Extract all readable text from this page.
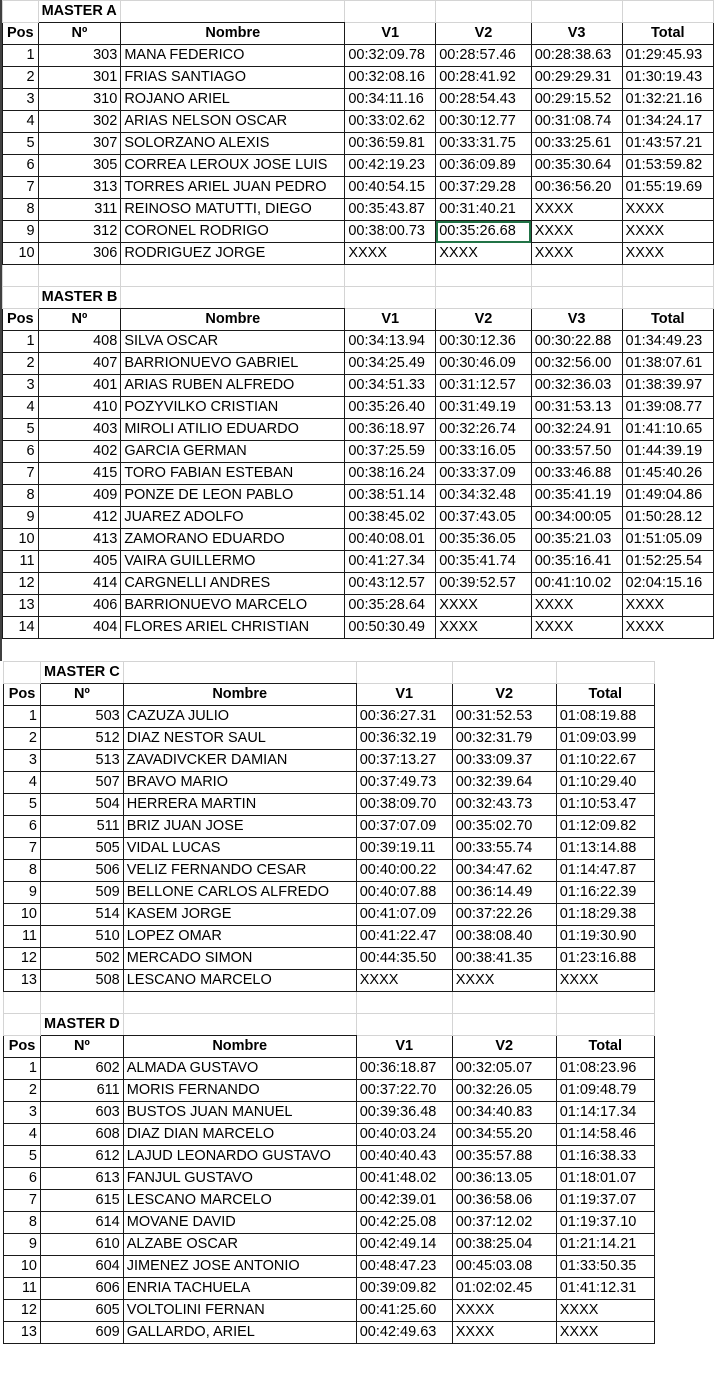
	MASTER A					
Pos	Nº	Nombre	V1	V2	V3	Total
1	303	MANA FEDERICO	00:32:09.78	00:28:57.46	00:28:38.63	01:29:45.93
2	301	FRIAS SANTIAGO	00:32:08.16	00:28:41.92	00:29:29.31	01:30:19.43
3	310	ROJANO ARIEL	00:34:11.16	00:28:54.43	00:29:15.52	01:32:21.16
4	302	ARIAS NELSON OSCAR	00:33:02.62	00:30:12.77	00:31:08.74	01:34:24.17
5	307	SOLORZANO ALEXIS	00:36:59.81	00:33:31.75	00:33:25.61	01:43:57.21
6	305	CORREA LEROUX JOSE LUIS	00:42:19.23	00:36:09.89	00:35:30.64	01:53:59.82
7	313	TORRES ARIEL JUAN PEDRO	00:40:54.15	00:37:29.28	00:36:56.20	01:55:19.69
8	311	REINOSO MATUTTI, DIEGO	00:35:43.87	00:31:40.21	XXXX	XXXX
9	312	CORONEL RODRIGO	00:38:00.73	00:35:26.68	XXXX	XXXX
10	306	RODRIGUEZ JORGE	XXXX	XXXX	XXXX	XXXX

	MASTER B					
Pos	Nº	Nombre	V1	V2	V3	Total
1	408	SILVA OSCAR	00:34:13.94	00:30:12.36	00:30:22.88	01:34:49.23
2	407	BARRIONUEVO GABRIEL	00:34:25.49	00:30:46.09	00:32:56.00	01:38:07.61
3	401	ARIAS RUBEN ALFREDO	00:34:51.33	00:31:12.57	00:32:36.03	01:38:39.97
4	410	POZYVILKO CRISTIAN	00:35:26.40	00:31:49.19	00:31:53.13	01:39:08.77
5	403	MIROLI ATILIO EDUARDO	00:36:18.97	00:32:26.74	00:32:24.91	01:41:10.65
6	402	GARCIA GERMAN	00:37:25.59	00:33:16.05	00:33:57.50	01:44:39.19
7	415	TORO FABIAN ESTEBAN	00:38:16.24	00:33:37.09	00:33:46.88	01:45:40.26
8	409	PONZE DE LEON PABLO	00:38:51.14	00:34:32.48	00:35:41.19	01:49:04.86
9	412	JUAREZ ADOLFO	00:38:45.02	00:37:43.05	00:34:00:05	01:50:28.12
10	413	ZAMORANO EDUARDO	00:40:08.01	00:35:36.05	00:35:21.03	01:51:05.09
11	405	VAIRA GUILLERMO	00:41:27.34	00:35:41.74	00:35:16.41	01:52:25.54
12	414	CARGNELLI ANDRES	00:43:12.57	00:39:52.57	00:41:10.02	02:04:15.16
13	406	BARRIONUEVO MARCELO	00:35:28.64	XXXX	XXXX	XXXX
14	404	FLORES ARIEL CHRISTIAN	00:50:30.49	XXXX	XXXX	XXXX
	MASTER C				
Pos	Nº	Nombre	V1	V2	Total
1	503	CAZUZA JULIO	00:36:27.31	00:31:52.53	01:08:19.88
2	512	DIAZ NESTOR SAUL	00:36:32.19	00:32:31.79	01:09:03.99
3	513	ZAVADIVCKER DAMIAN	00:37:13.27	00:33:09.37	01:10:22.67
4	507	BRAVO MARIO	00:37:49.73	00:32:39.64	01:10:29.40
5	504	HERRERA MARTIN	00:38:09.70	00:32:43.73	01:10:53.47
6	511	BRIZ JUAN JOSE	00:37:07.09	00:35:02.70	01:12:09.82
7	505	VIDAL LUCAS	00:39:19.11	00:33:55.74	01:13:14.88
8	506	VELIZ FERNANDO CESAR	00:40:00.22	00:34:47.62	01:14:47.87
9	509	BELLONE CARLOS ALFREDO	00:40:07.88	00:36:14.49	01:16:22.39
10	514	KASEM JORGE	00:41:07.09	00:37:22.26	01:18:29.38
11	510	LOPEZ OMAR	00:41:22.47	00:38:08.40	01:19:30.90
12	502	MERCADO SIMON	00:44:35.50	00:38:41.35	01:23:16.88
13	508	LESCANO MARCELO	XXXX	XXXX	XXXX

	MASTER D				
Pos	Nº	Nombre	V1	V2	Total
1	602	ALMADA GUSTAVO	00:36:18.87	00:32:05.07	01:08:23.96
2	611	MORIS FERNANDO	00:37:22.70	00:32:26.05	01:09:48.79
3	603	BUSTOS JUAN MANUEL	00:39:36.48	00:34:40.83	01:14:17.34
4	608	DIAZ DIAN MARCELO	00:40:03.24	00:34:55.20	01:14:58.46
5	612	LAJUD LEONARDO GUSTAVO	00:40:40.43	00:35:57.88	01:16:38.33
6	613	FANJUL GUSTAVO	00:41:48.02	00:36:13.05	01:18:01.07
7	615	LESCANO MARCELO	00:42:39.01	00:36:58.06	01:19:37.07
8	614	MOVANE DAVID	00:42:25.08	00:37:12.02	01:19:37.10
9	610	ALZABE OSCAR	00:42:49.14	00:38:25.04	01:21:14.21
10	604	JIMENEZ JOSE ANTONIO	00:48:47.23	00:45:03.08	01:33:50.35
11	606	ENRIA TACHUELA	00:39:09.82	01:02:02.45	01:41:12.31
12	605	VOLTOLINI FERNAN	00:41:25.60	XXXX	XXXX
13	609	GALLARDO, ARIEL	00:42:49.63	XXXX	XXXX
